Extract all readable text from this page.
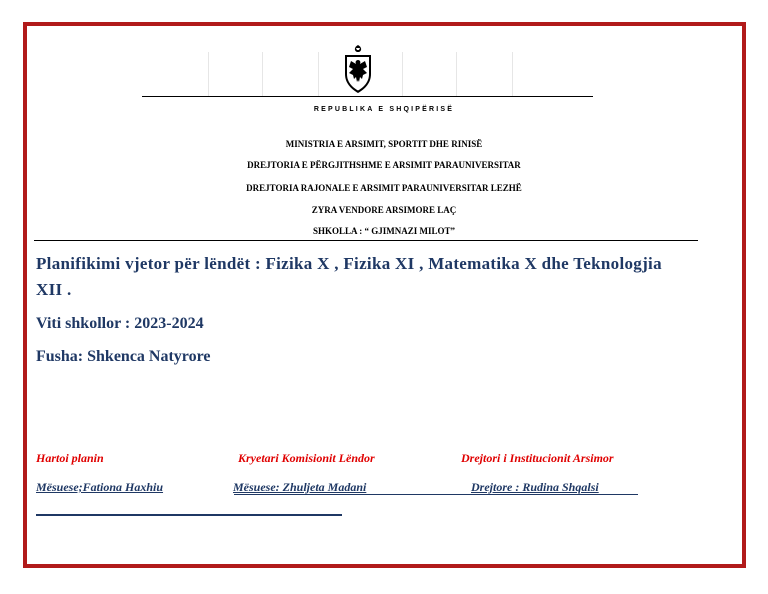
REPUBLIKA E SHQIPËRISË
MINISTRIA E ARSIMIT, SPORTIT DHE RINISË
DREJTORIA E PËRGJITHSHME E ARSIMIT PARAUNIVERSITAR
DREJTORIA RAJONALE E ARSIMIT PARAUNIVERSITAR LEZHË
ZYRA VENDORE ARSIMORE LAÇ
SHKOLLA : “ GJIMNAZI MILOT”
Planifikimi vjetor për lëndët : Fizika X , Fizika XI , Matematika X dhe Teknologjia XII .
Viti shkollor : 2023-2024
Fusha: Shkenca Natyrore
Hartoi planin	Kryetari Komisionit Lëndor	Drejtori i Institucionit Arsimor
Mësuese;Fationa Haxhiu	Mësuese: Zhuljeta Madani	Drejtore : Rudina Shqalsi
